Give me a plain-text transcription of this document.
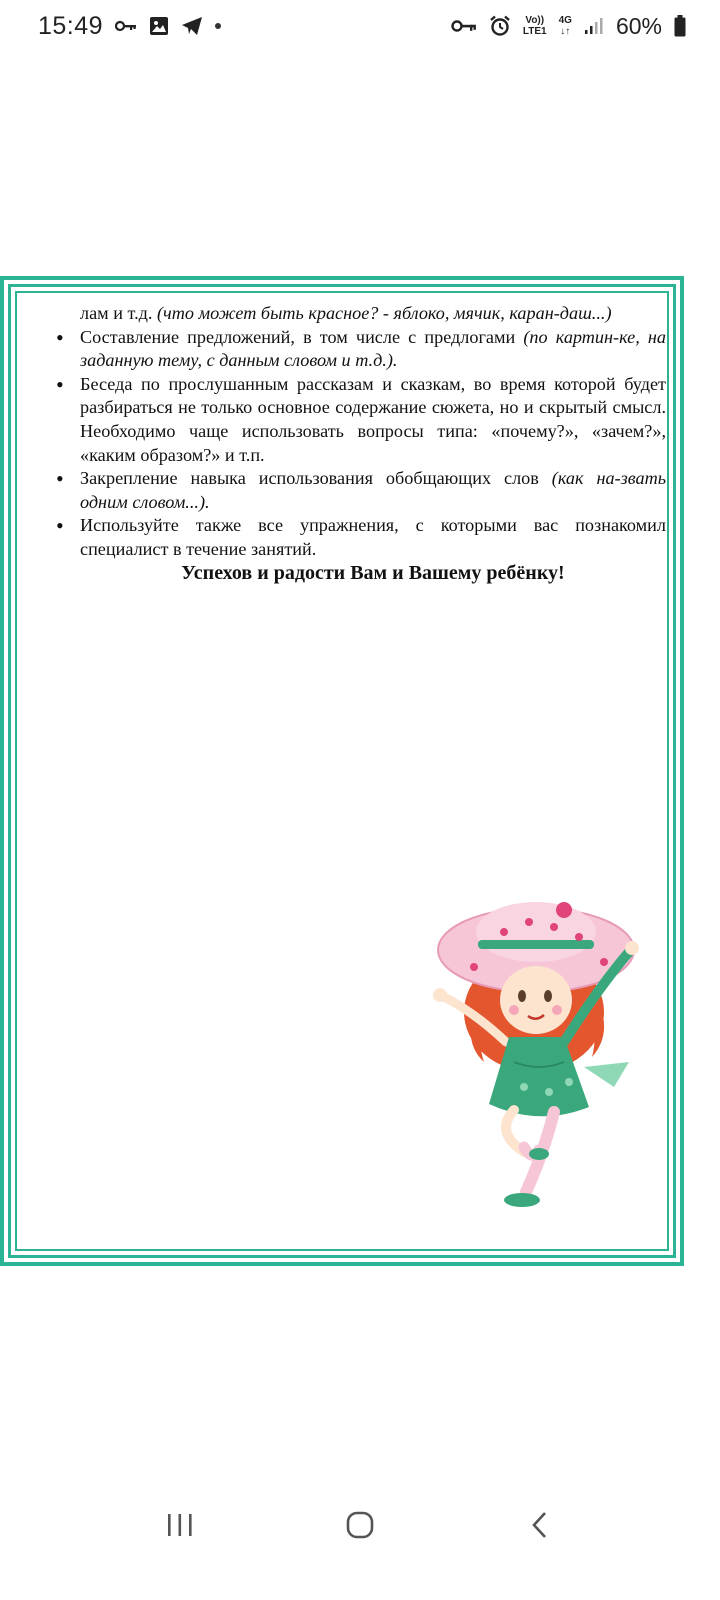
15:49	Vo))
LTE1
4G
↓↑ 60%

лам и т.д. (что может быть красное? - яблоко, мячик, каран-даш...)

• Составление предложений, в том числе с предлогами (по картин-ке, на заданную тему, с данным словом и т.д.).
• Беседа по прослушанным рассказам и сказкам, во время которой будет разбираться не только основное содержание сюжета, но и скрытый смысл. Необходимо чаще использовать вопросы типа: «почему?», «зачем?», «каким образом?» и т.п.
• Закрепление навыка использования обобщающих слов (как на-звать одним словом...).
• Используйте также все упражнения, с которыми вас познакомил специалист в течение занятий.

Успехов и радости Вам и Вашему ребёнку!
